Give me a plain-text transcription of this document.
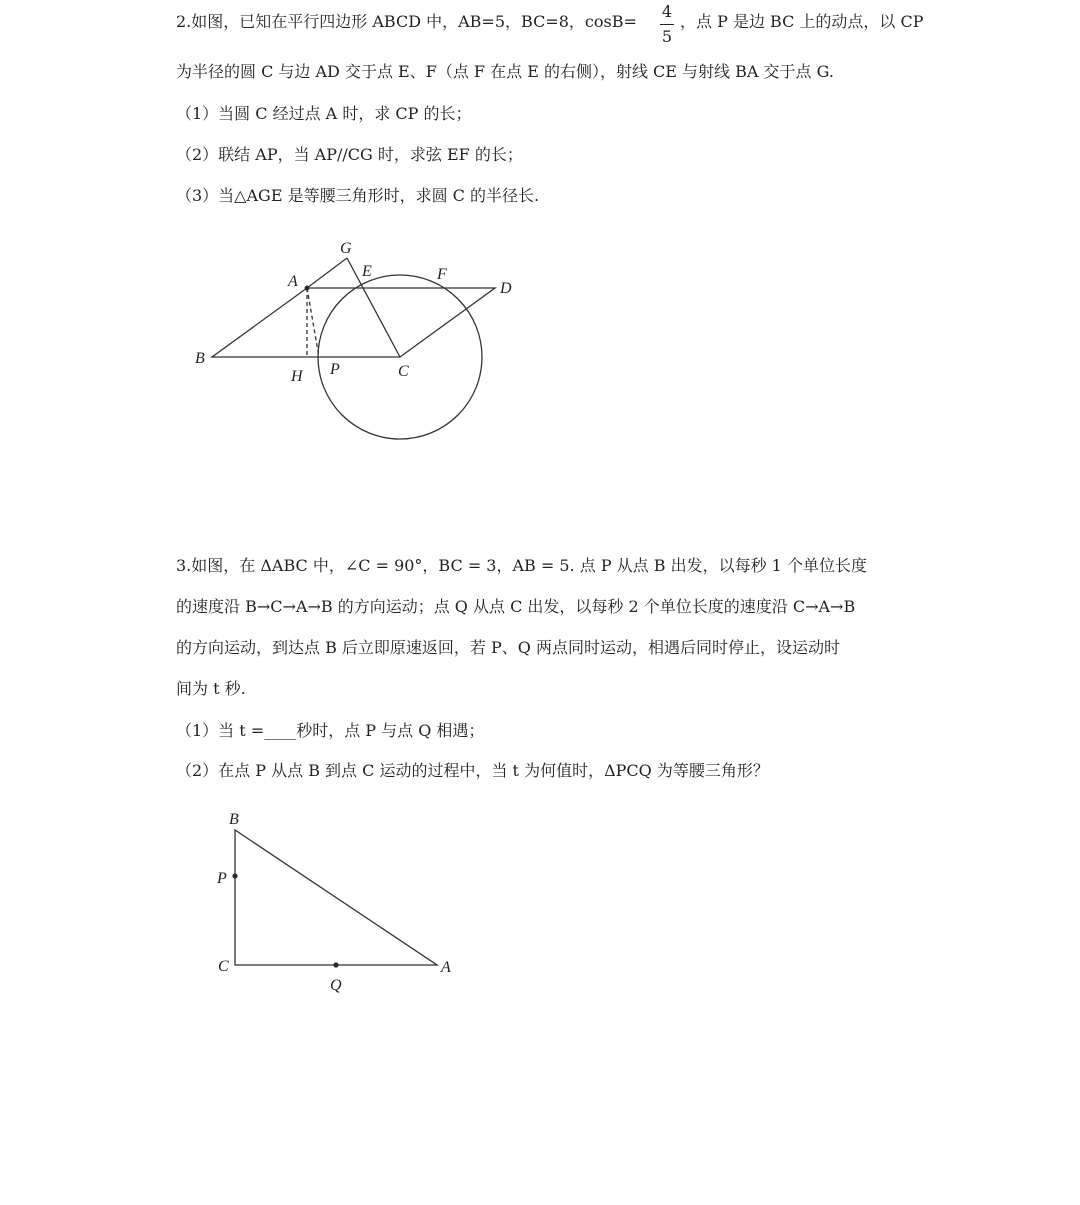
2.如图，已知在平行四边形 ABCD 中，AB=5，BC=8，cosB=
4
5
，点 P 是边 BC 上的动点，以 CP
为半径的圆 C 与边 AD 交于点 E、F（点 F 在点 E 的右侧），射线 CE 与射线 BA 交于点 G.
（1）当圆 C 经过点 A 时，求 CP 的长；
（2）联结 AP，当 AP//CG 时，求弦 EF 的长；
（3）当△AGE 是等腰三角形时，求圆 C 的半径长.
G
A
E	F
D
B
H P	C
B
P
C	A
Q
3.如图，在 ΔABC 中，∠C = 90°，BC = 3，AB = 5. 点 P 从点 B 出发，以每秒 1 个单位长度
的速度沿 B→C→A→B 的方向运动；点 Q 从点 C 出发，以每秒 2 个单位长度的速度沿 C→A→B
的方向运动，到达点 B 后立即原速返回，若 P、Q 两点同时运动，相遇后同时停止，设运动时
间为 t 秒.
（1）当 t =____秒时，点 P 与点 Q 相遇；
（2）在点 P 从点 B 到点 C 运动的过程中，当 t 为何值时，ΔPCQ 为等腰三角形？
